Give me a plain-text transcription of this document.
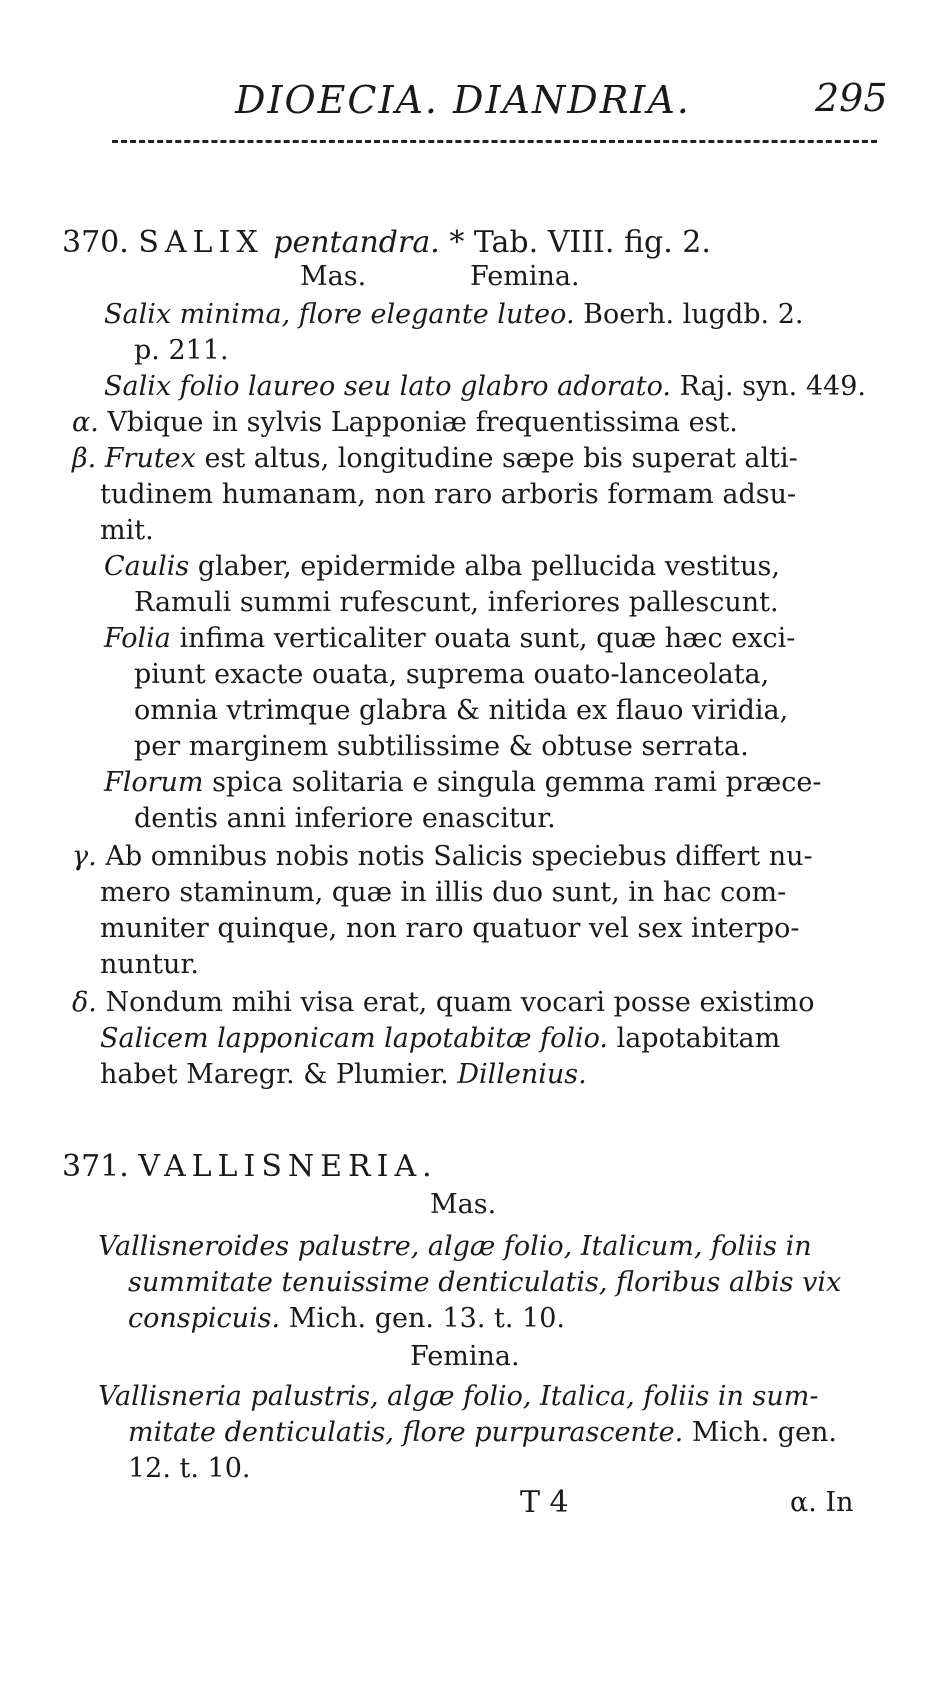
DIOECIA. DIANDRIA.	295
370. SALIX pentandra. * Tab. VIII. fig. 2.
Mas.	Femina.
Salix minima, flore elegante luteo. Boerh. lugdb. 2.
p. 211.
Salix folio laureo seu lato glabro adorato. Raj. syn. 449.
α. Vbique in sylvis Lapponiæ frequentissima est.
β. Frutex est altus, longitudine sæpe bis superat alti-
tudinem humanam, non raro arboris formam adsu-
mit.
Caulis glaber, epidermide alba pellucida vestitus,
Ramuli summi rufescunt, inferiores pallescunt.
Folia infima verticaliter ouata sunt, quæ hæc exci-
piunt exacte ouata, suprema ouato-lanceolata,
omnia vtrimque glabra & nitida ex flauo viridia,
per marginem subtilissime & obtuse serrata.
Florum spica solitaria e singula gemma rami præce-
dentis anni inferiore enascitur.
γ. Ab omnibus nobis notis Salicis speciebus differt nu-
mero staminum, quæ in illis duo sunt, in hac com-
muniter quinque, non raro quatuor vel sex interpo-
nuntur.
δ. Nondum mihi visa erat, quam vocari posse existimo
Salicem lapponicam lapotabitæ folio. lapotabitam
habet Maregr. & Plumier. Dillenius.
371. VALLISNERIA.
Mas.
Vallisneroides palustre, algæ folio, Italicum, foliis in
summitate tenuissime denticulatis, floribus albis vix
conspicuis. Mich. gen. 13. t. 10.
Femina.
Vallisneria palustris, algæ folio, Italica, foliis in sum-
mitate denticulatis, flore purpurascente. Mich. gen.
12. t. 10.
T 4	α. In
